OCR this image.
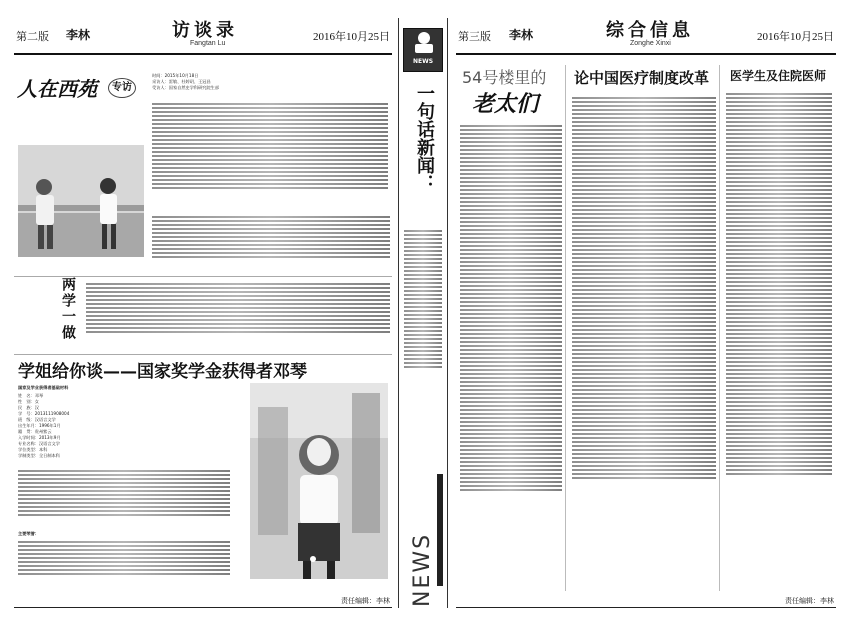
第二版 李林	访谈录
Fangtan Lu
2016年10月25日
人在西苑	专访
时间：2015年10月18日
采访人：雷敏、杜婷玥、王冠昌
受访人：国家自然史学科研究院生部
两学一做
学姐给你谈——国家奖学金获得者邓琴
国家及学业获得者基础材料
姓　名：邓琴
性　别：女
民　族：汉
学　号：2013111908004
班　级：汉语言文学
出生年月：1996年1月
籍　贯：贵州紫云
入学时间：2013年9月
专业名称：汉语言文学
学位类型：本科
学制类型：全日制本科
主要荣誉：
责任编辑：李林
NEWS
一句话新闻：
NEWS
第三版 李林	综合信息
Zonghe Xinxi
2016年10月25日
54号楼里的
老太们
论中国医疗制度改革 医学生及住院医师
责任编辑：李林
